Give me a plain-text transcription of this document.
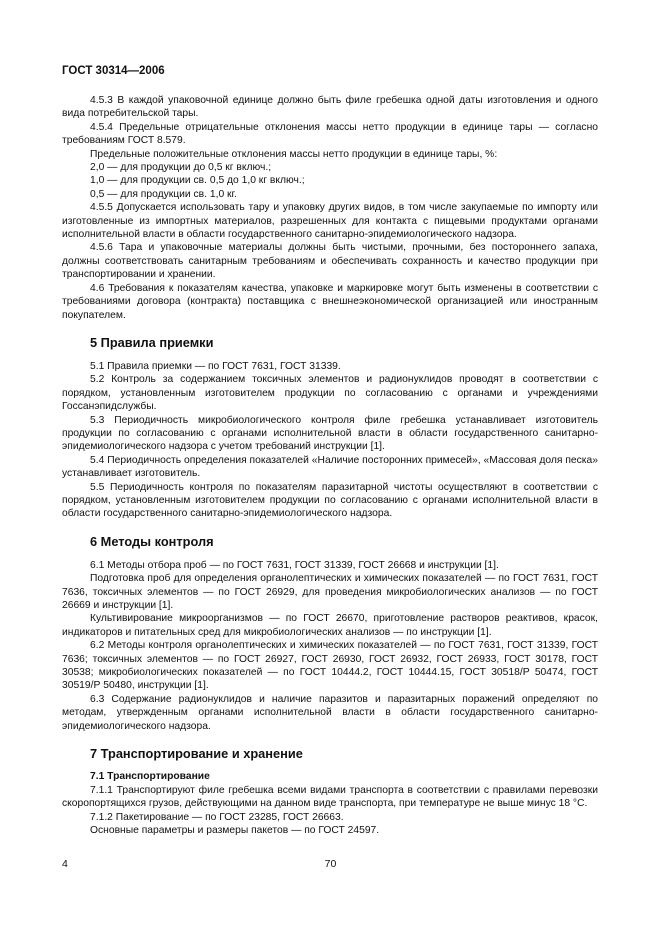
ГОСТ 30314—2006

4.5.3 В каждой упаковочной единице должно быть филе гребешка одной даты изготовления и одного вида потребительской тары.

4.5.4 Предельные отрицательные отклонения массы нетто продукции в единице тары — согласно требованиям ГОСТ 8.579.

Предельные положительные отклонения массы нетто продукции в единице тары, %:

2,0 — для продукции до 0,5 кг включ.;

1,0 — для продукции св. 0,5 до 1,0 кг включ.;

0,5 — для продукции св. 1,0 кг.

4.5.5 Допускается использовать тару и упаковку других видов, в том числе закупаемые по импорту или изготовленные из импортных материалов, разрешенных для контакта с пищевыми продуктами органами исполнительной власти в области государственного санитарно-эпидемиологического надзора.

4.5.6 Тара и упаковочные материалы должны быть чистыми, прочными, без постороннего запаха, должны соответствовать санитарным требованиям и обеспечивать сохранность и качество продукции при транспортировании и хранении.

4.6 Требования к показателям качества, упаковке и маркировке могут быть изменены в соответствии с требованиями договора (контракта) поставщика с внешнеэкономической организацией или иностранным покупателем.

5 Правила приемки

5.1 Правила приемки — по ГОСТ 7631, ГОСТ 31339.

5.2 Контроль за содержанием токсичных элементов и радионуклидов проводят в соответствии с порядком, установленным изготовителем продукции по согласованию с органами и учреждениями Госсанэпидслужбы.

5.3 Периодичность микробиологического контроля филе гребешка устанавливает изготовитель продукции по согласованию с органами исполнительной власти в области государственного санитарно-эпидемиологического надзора с учетом требований инструкции [1].

5.4 Периодичность определения показателей «Наличие посторонних примесей», «Массовая доля песка» устанавливает изготовитель.

5.5 Периодичность контроля по показателям паразитарной чистоты осуществляют в соответствии с порядком, установленным изготовителем продукции по согласованию с органами исполнительной власти в области государственного санитарно-эпидемиологического надзора.

6 Методы контроля

6.1 Методы отбора проб — по ГОСТ 7631, ГОСТ 31339, ГОСТ 26668 и инструкции [1].

Подготовка проб для определения органолептических и химических показателей — по ГОСТ 7631, ГОСТ 7636, токсичных элементов — по ГОСТ 26929, для проведения микробиологических анализов — по ГОСТ 26669 и инструкции [1].

Культивирование микроорганизмов — по ГОСТ 26670, приготовление растворов реактивов, красок, индикаторов и питательных сред для микробиологических анализов — по инструкции [1].

6.2 Методы контроля органолептических и химических показателей — по ГОСТ 7631, ГОСТ 31339, ГОСТ 7636; токсичных элементов — по ГОСТ 26927, ГОСТ 26930, ГОСТ 26932, ГОСТ 26933, ГОСТ 30178, ГОСТ 30538; микробиологических показателей — по ГОСТ 10444.2, ГОСТ 10444.15, ГОСТ 30518/Р 50474, ГОСТ 30519/Р 50480, инструкции [1].

6.3 Содержание радионуклидов и наличие паразитов и паразитарных поражений определяют по методам, утвержденным органами исполнительной власти в области государственного санитарно-эпидемиологического надзора.

7 Транспортирование и хранение
7.1 Транспортирование

7.1.1 Транспортируют филе гребешка всеми видами транспорта в соответствии с правилами перевозки скоропортящихся грузов, действующими на данном виде транспорта, при температуре не выше минус 18 °С.

7.1.2 Пакетирование — по ГОСТ 23285, ГОСТ 26663.

Основные параметры и размеры пакетов — по ГОСТ 24597.

4	70
